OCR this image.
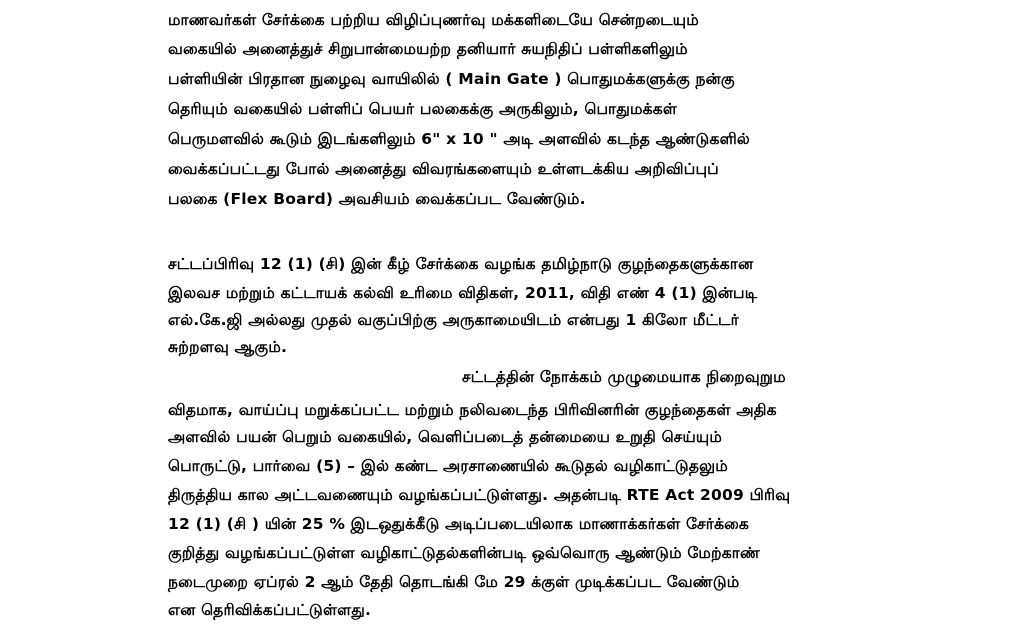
மாணவர்கள் சேர்க்கை பற்றிய விழிப்புணர்வு மக்களிடையே சென்றடையும்
வகையில் அனைத்துச் சிறுபான்மையற்ற தனியார் சுயநிதிப் பள்ளிகளிலும்
பள்ளியின் பிரதான நுழைவு வாயிலில் ( Main Gate ) பொதுமக்களுக்கு நன்கு
தெரியும் வகையில் பள்ளிப் பெயர் பலகைக்கு அருகிலும், பொதுமக்கள்
பெருமளவில் கூடும் இடங்களிலும் 6" x 10 " அடி அளவில் கடந்த ஆண்டுகளில்
வைக்கப்பட்டது போல் அனைத்து விவரங்களையும் உள்ளடக்கிய அறிவிப்புப்
பலகை (Flex Board) அவசியம் வைக்கப்பட வேண்டும்.
சட்டப்பிரிவு 12 (1) (சி) இன் கீழ் சேர்க்கை வழங்க தமிழ்நாடு குழந்தைகளுக்கான
இலவச மற்றும் கட்டாயக் கல்வி உரிமை விதிகள், 2011, விதி எண் 4 (1) இன்படி
எல்.கே.ஜி அல்லது முதல் வகுப்பிற்கு அருகாமையிடம் என்பது 1 கிலோ மீட்டர்
சுற்றளவு ஆகும்.
சட்டத்தின் நோக்கம் முழுமையாக நிறைவுறும
விதமாக, வாய்ப்பு மறுக்கப்பட்ட மற்றும் நலிவடைந்த பிரிவினரின் குழந்தைகள் அதிக
அளவில் பயன் பெறும் வகையில், வெளிப்படைத் தன்மையை உறுதி செய்யும்
பொருட்டு, பார்வை (5) – இல் கண்ட அரசாணையில் கூடுதல் வழிகாட்டுதலும்
திருத்திய கால அட்டவணையும் வழங்கப்பட்டுள்ளது. அதன்படி RTE Act 2009 பிரிவு
12 (1) (சி ) யின் 25 % இடஒதுக்கீடு அடிப்படையிலாக மாணாக்கர்கள் சேர்க்கை
குறித்து வழங்கப்பட்டுள்ள வழிகாட்டுதல்களின்படி ஒவ்வொரு ஆண்டும் மேற்காண்
நடைமுறை ஏப்ரல் 2 ஆம் தேதி தொடங்கி மே 29 க்குள் முடிக்கப்பட வேண்டும்
என தெரிவிக்கப்பட்டுள்ளது.
